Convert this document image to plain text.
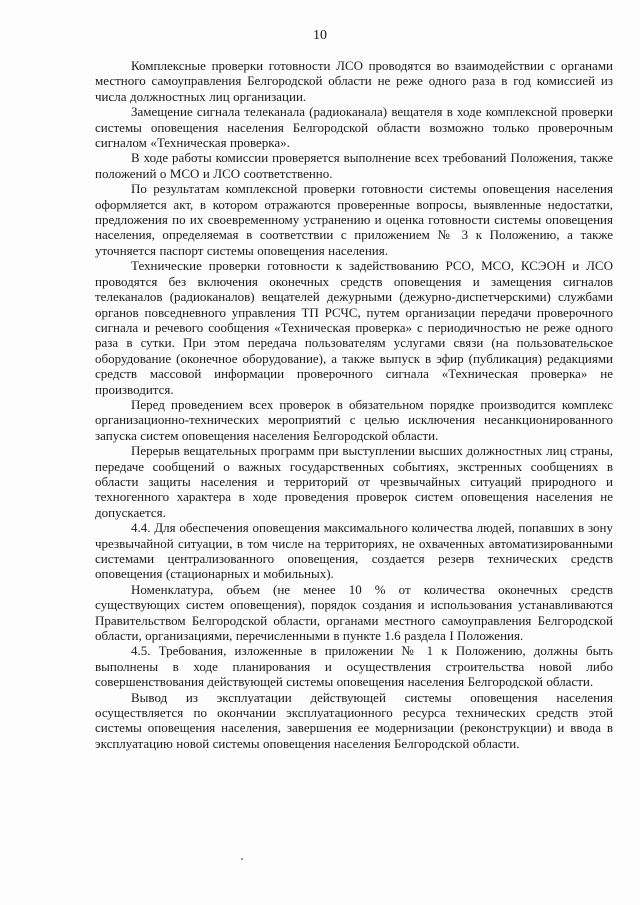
10

Комплексные проверки готовности ЛСО проводятся во взаимодействии с органами местного самоуправления Белгородской области не реже одного раза в год комиссией из числа должностных лиц организации.

Замещение сигнала телеканала (радиоканала) вещателя в ходе комплексной проверки системы оповещения населения Белгородской области возможно только проверочным сигналом «Техническая проверка».

В ходе работы комиссии проверяется выполнение всех требований Положения, также положений о МСО и ЛСО соответственно.

По результатам комплексной проверки готовности системы оповещения населения оформляется акт, в котором отражаются проверенные вопросы, выявленные недостатки, предложения по их своевременному устранению и оценка готовности системы оповещения населения, определяемая в соответствии с приложением № 3 к Положению, а также уточняется паспорт системы оповещения населения.

Технические проверки готовности к задействованию РСО, МСО, КСЭОН и ЛСО проводятся без включения оконечных средств оповещения и замещения сигналов телеканалов (радиоканалов) вещателей дежурными (дежурно-диспетчерскими) службами органов повседневного управления ТП РСЧС, путем организации передачи проверочного сигнала и речевого сообщения «Техническая проверка» с периодичностью не реже одного раза в сутки. При этом передача пользователям услугами связи (на пользовательское оборудование (оконечное оборудование), а также выпуск в эфир (публикация) редакциями средств массовой информации проверочного сигнала «Техническая проверка» не производится.

Перед проведением всех проверок в обязательном порядке производится комплекс организационно-технических мероприятий с целью исключения несанкционированного запуска систем оповещения населения Белгородской области.

Перерыв вещательных программ при выступлении высших должностных лиц страны, передаче сообщений о важных государственных событиях, экстренных сообщениях в области защиты населения и территорий от чрезвычайных ситуаций природного и техногенного характера в ходе проведения проверок систем оповещения населения не допускается.

4.4. Для обеспечения оповещения максимального количества людей, попавших в зону чрезвычайной ситуации, в том числе на территориях, не охваченных автоматизированными системами централизованного оповещения, создается резерв технических средств оповещения (стационарных и мобильных).

Номенклатура, объем (не менее 10 % от количества оконечных средств существующих систем оповещения), порядок создания и использования устанавливаются Правительством Белгородской области, органами местного самоуправления Белгородской области, организациями, перечисленными в пункте 1.6 раздела I Положения.

4.5. Требования, изложенные в приложении № 1 к Положению, должны быть выполнены в ходе планирования и осуществления строительства новой либо совершенствования действующей системы оповещения населения Белгородской области.

Вывод из эксплуатации действующей системы оповещения населения осуществляется по окончании эксплуатационного ресурса технических средств этой системы оповещения населения, завершения ее модернизации (реконструкции) и ввода в эксплуатацию новой системы оповещения населения Белгородской области.
